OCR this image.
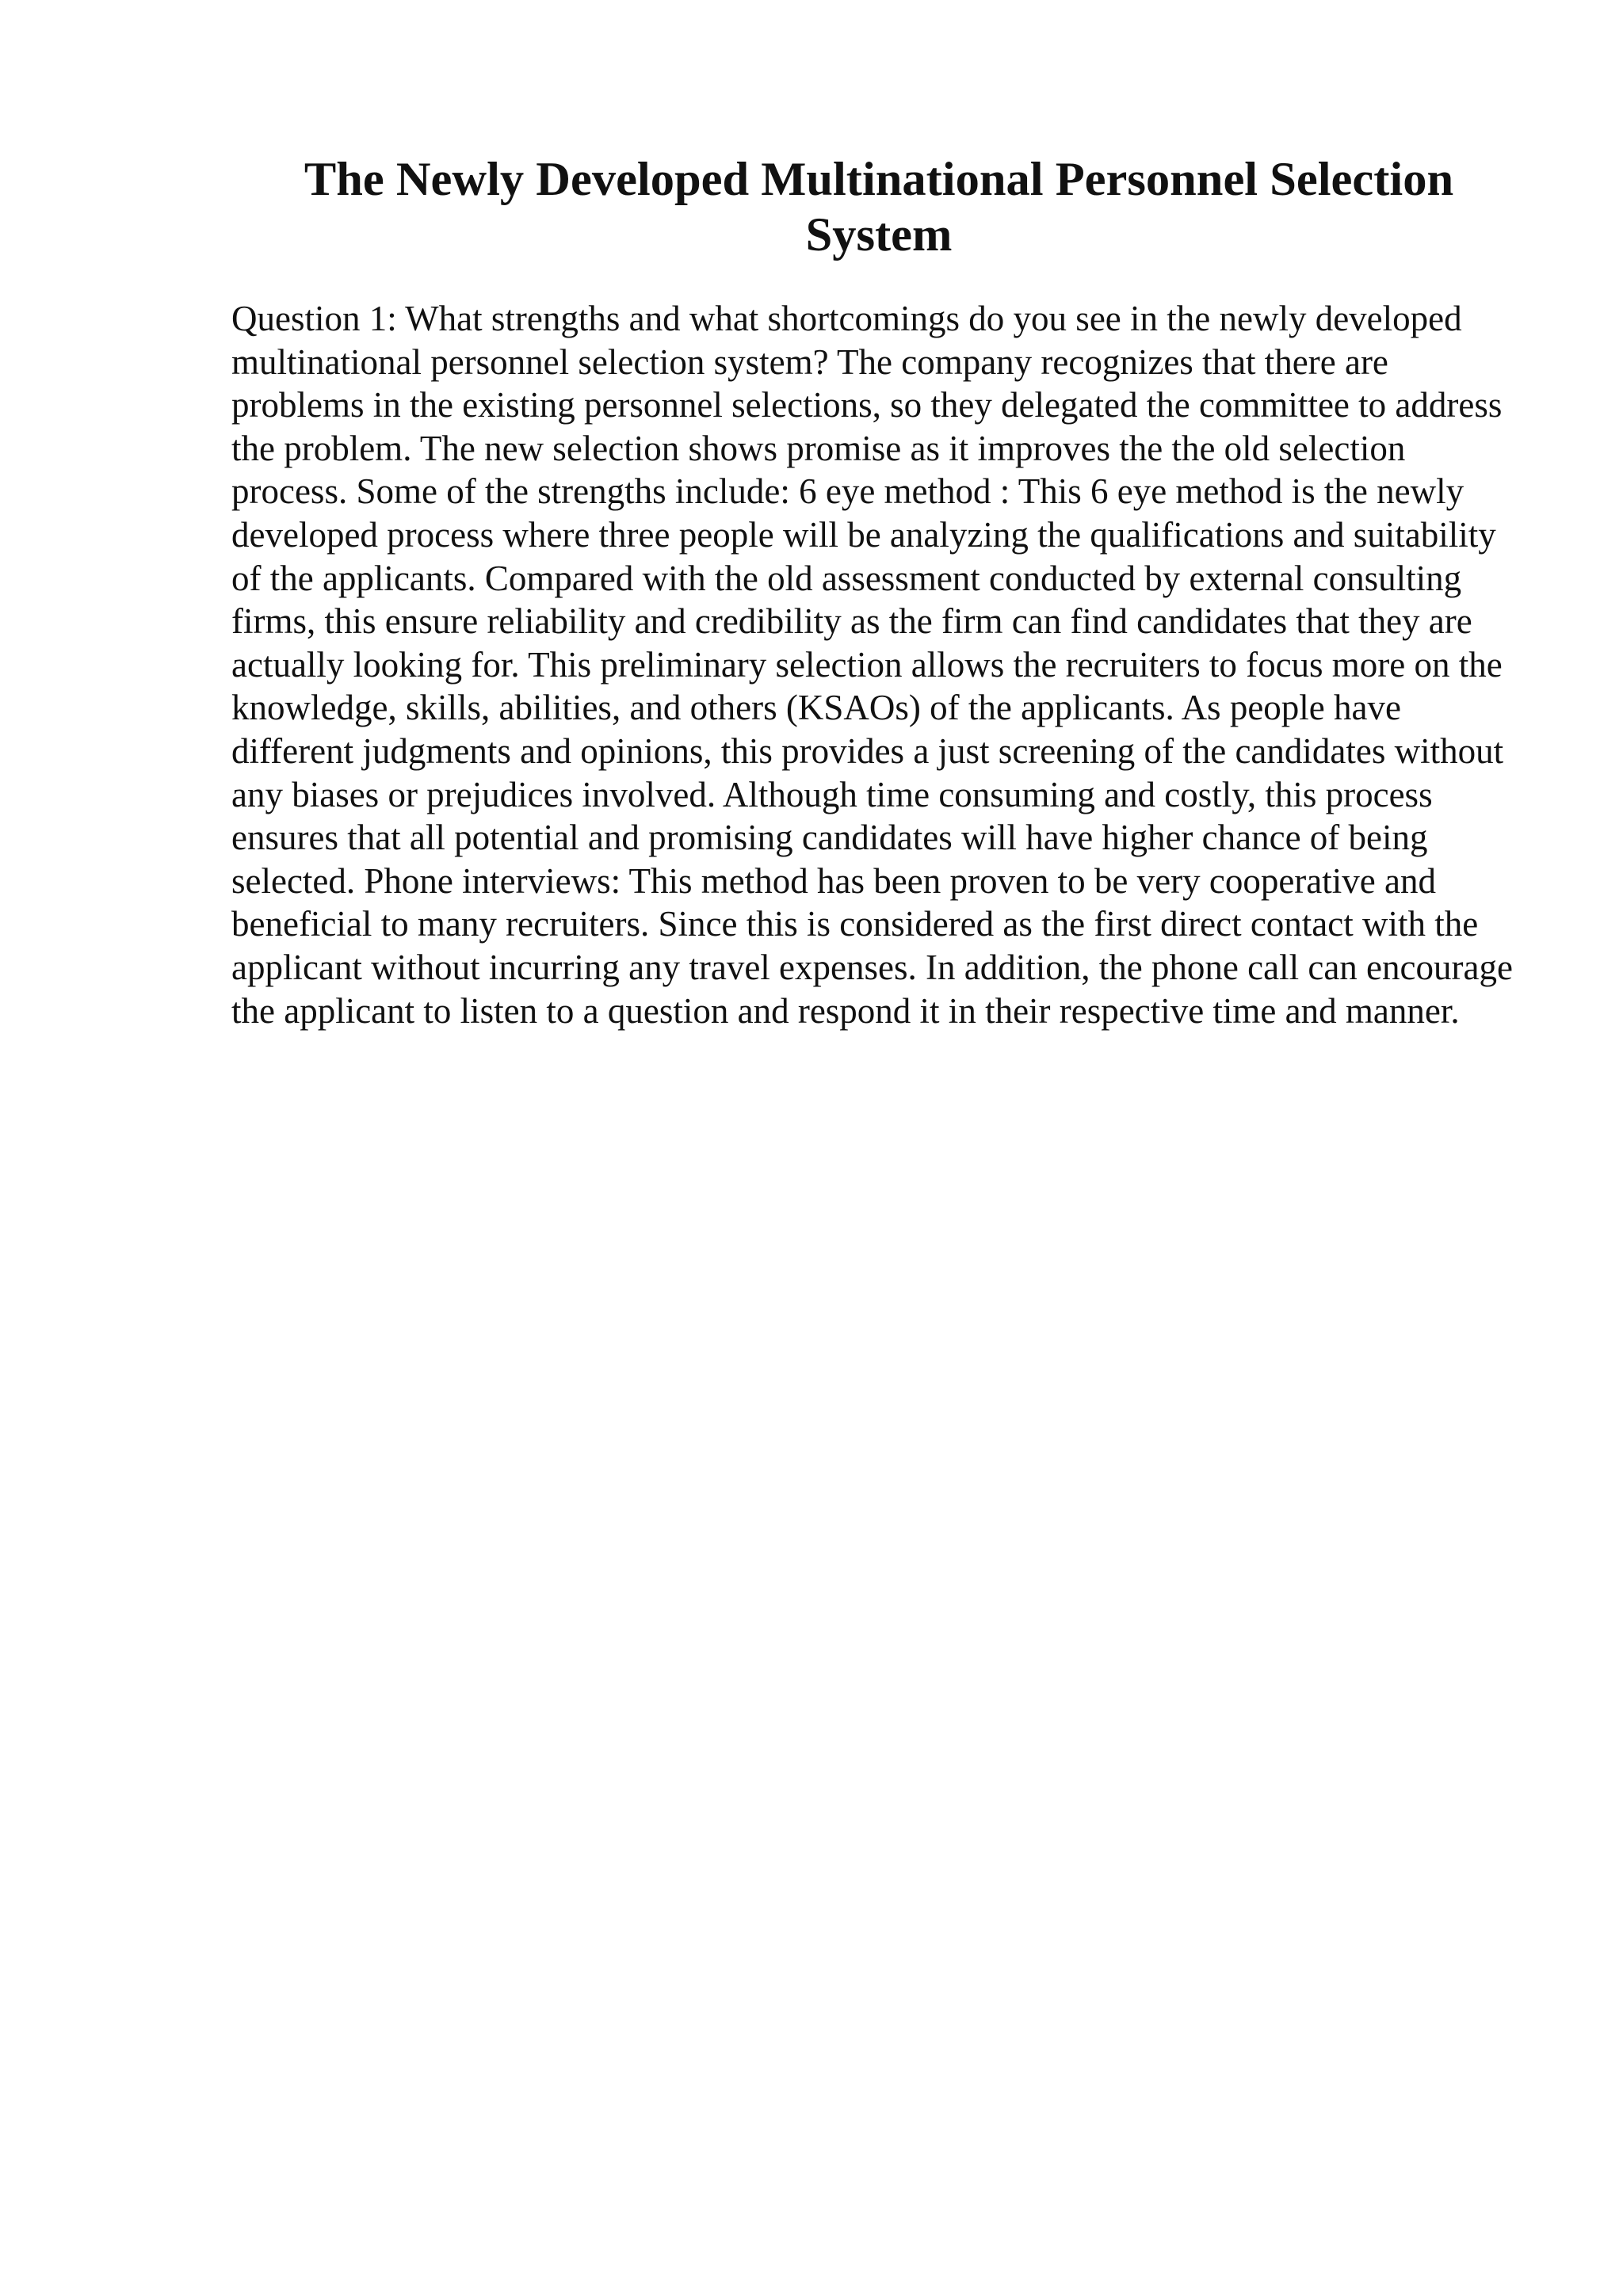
The Newly Developed Multinational Personnel Selection System

Question 1: What strengths and what shortcomings do you see in the newly developed multinational personnel selection system? The company recognizes that there are problems in the existing personnel selections, so they delegated the committee to address the problem. The new selection shows promise as it improves the the old selection process. Some of the strengths include: 6 eye method : This 6 eye method is the newly developed process where three people will be analyzing the qualifications and suitability of the applicants. Compared with the old assessment conducted by external consulting firms, this ensure reliability and credibility as the firm can find candidates that they are actually looking for. This preliminary selection allows the recruiters to focus more on the knowledge, skills, abilities, and others (KSAOs) of the applicants. As people have different judgments and opinions, this provides a just screening of the candidates without any biases or prejudices involved. Although time consuming and costly, this process ensures that all potential and promising candidates will have higher chance of being selected. Phone interviews: This method has been proven to be very cooperative and beneficial to many recruiters. Since this is considered as the first direct contact with the applicant without incurring any travel expenses. In addition, the phone call can encourage the applicant to listen to a question and respond it in their respective time and manner.
